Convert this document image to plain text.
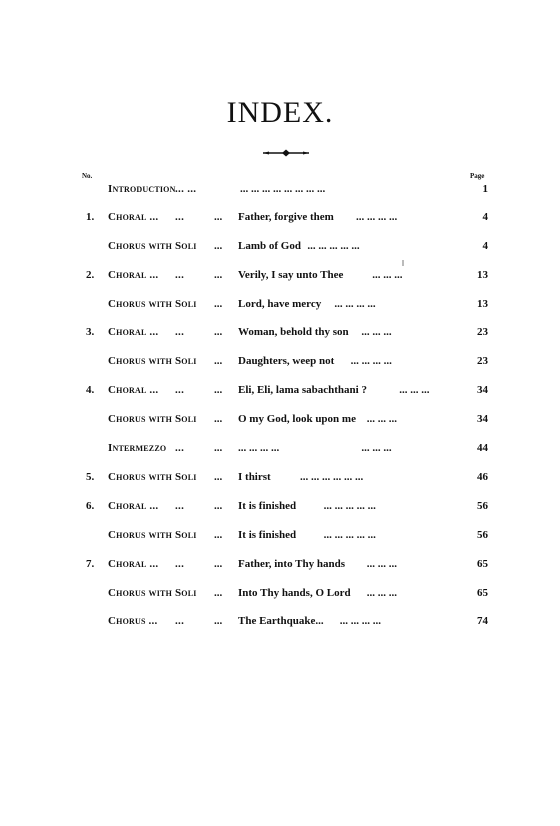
INDEX.
No.	Page
Introduction ... ...	... ... ... ... ... ... ... ...	1
1.	Choral ... ...	... Father, forgive them ... ... ... ...	4
Chorus with Soli ... Lamb of God ... ... ... ... ...	4
2.	Choral ... ...	... Verily, I say unto Thee	... ... ...	13
Chorus with Soli ... Lord, have mercy ... ... ... ...	13
3.	Choral ... ...	... Woman, behold thy son ... ... ...	23
Chorus with Soli ... Daughters, weep not ... ... ... ...	23
4.	Choral ... ...	... Eli, Eli, lama sabachthani ?	... ... ...	34
Chorus with Soli ... O my God, look upon me ... ... ...	34
Intermezzo ...	... ... ... ... ...	... ... ...	44
5.	Chorus with Soli ... I thirst	... ... ... ... ... ...	46
6.	Choral ... ...	... It is finished	... ... ... ... ...	56
Chorus with Soli ... It is finished	... ... ... ... ...	56
7.	Choral ... ...	... Father, into Thy hands ... ... ...	65
Chorus with Soli ... Into Thy hands, O Lord ... ... ...	65
Chorus ... ...	... The Earthquake... ... ... ... ...	74
